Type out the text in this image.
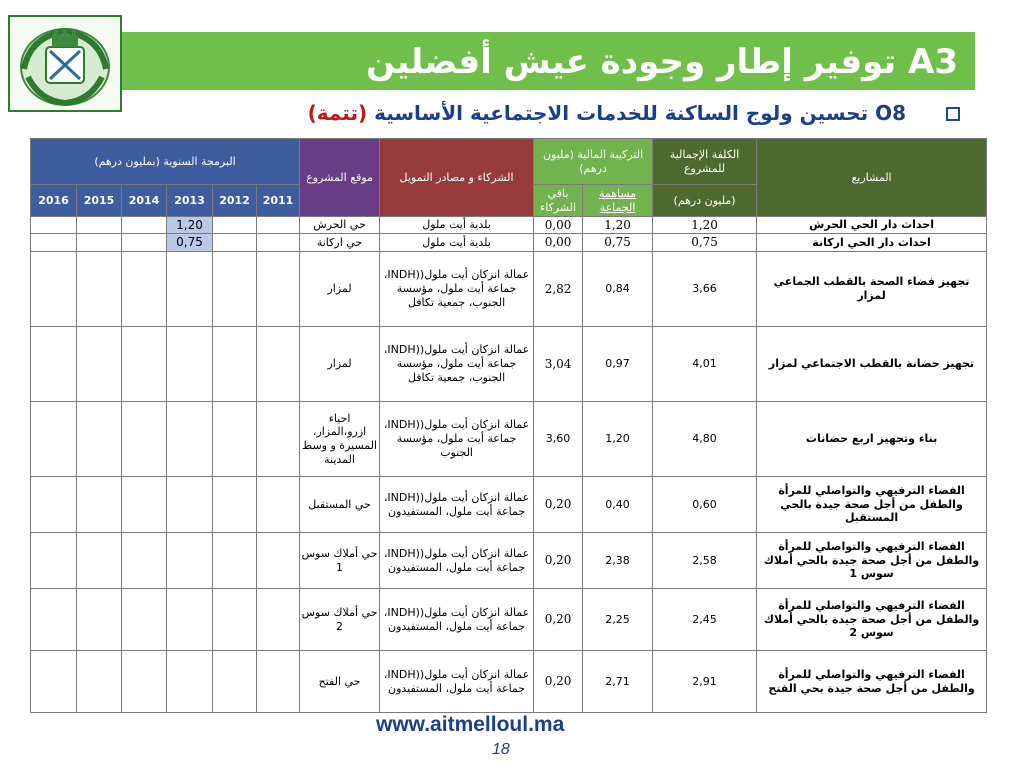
A3 توفير إطار وجودة عيش أفضلين
O8 تحسين ولوج الساكنة للخدمات الاجتماعية الأساسية (تتمة)
البرمجة السنوية (بمليون درهم)						موقع المشروع	الشركاء و مصادر التمويل	التركيبة المالية (مليون درهم)		الكلفة الإجمالية للمشروع	المشاريع
2016	2015	2014	2013	2012	2011			باقي الشركاء	مساهمة الجماعة	(مليون درهم)	
			1,20			حي الحرش	بلدية أيت ملول	0,00	1,20	1,20	احداث دار الحي الحرش
			0,75			حي اركانة	بلدية أيت ملول	0,00	0,75	0,75	احداث دار الحي اركانة
						لمزار	عمالة انزكان أيت ملول((INDH، جماعة أيت ملول، مؤسسة الجنوب، جمعية تكافل	2,82	0,84	3,66	تجهيز فضاء الصحة بالقطب الجماعي لمزار
						لمزار	عمالة انزكان أيت ملول((INDH، جماعة أيت ملول، مؤسسة الجنوب، جمعية تكافل	3,04	0,97	4,01	تجهيز حضانة بالقطب الاجتماعي لمزار
						احياء ازرو،المزار، المسيرة و وسط المدينة	عمالة انزكان أيت ملول((INDH، جماعة أيت ملول، مؤسسة الجنوب	3,60	1,20	4,80	بناء وتجهيز اربع حضانات
						حي المستقبل	عمالة انزكان أيت ملول((INDH، جماعة أيت ملول، المستفيدون	0,20	0,40	0,60	الفضاء الترفيهي والتواصلي للمرأة والطفل من أجل صحة جيدة بالحي المستقبل
						حي أملاك سوس 1	عمالة انزكان أيت ملول((INDH، جماعة أيت ملول، المستفيدون	0,20	2,38	2,58	الفضاء الترفيهي والتواصلي للمرأة والطفل من أجل صحة جيدة بالحي أملاك سوس 1
						حي أملاك سوس 2	عمالة انزكان أيت ملول((INDH، جماعة أيت ملول، المستفيدون	0,20	2,25	2,45	الفضاء الترفيهي والتواصلي للمرأة والطفل من أجل صحة جيدة بالحي أملاك سوس 2
						حي الفتح	عمالة انزكان أيت ملول((INDH، جماعة أيت ملول، المستفيدون	0,20	2,71	2,91	الفضاء الترفيهي والتواصلي للمرأة والطفل من أجل صحة جيدة بحي الفتح
www.aitmelloul.ma
18
